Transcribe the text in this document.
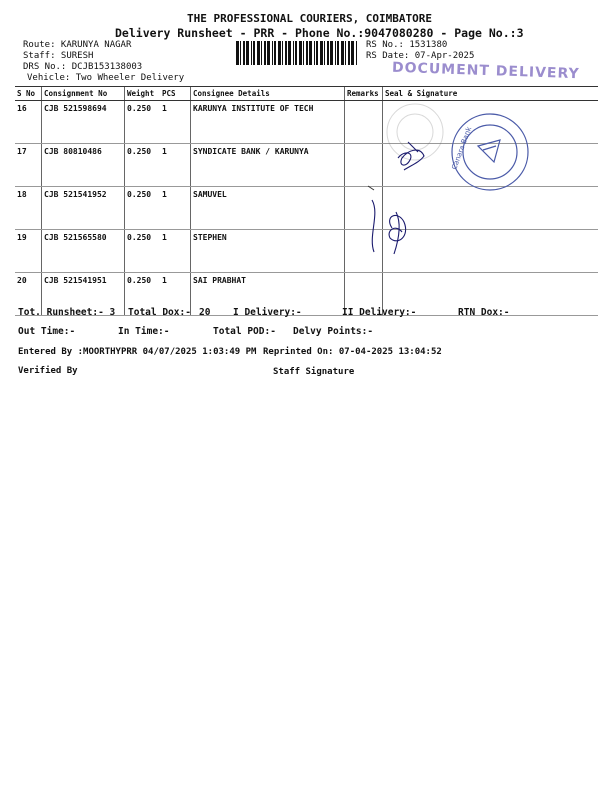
THE PROFESSIONAL COURIERS, COIMBATORE
Delivery Runsheet - PRR - Phone No.:9047080280 - Page No.:3
Route: KARUNYA NAGAR
Staff: SURESH
DRS No.: DCJB153138003
Vehicle: Two Wheeler Delivery
RS No.: 1531380
RS Date: 07-Apr-2025
DOCUMENT DELIVERY
S No	Consignment No	Weight	PCS	Consignee Details	Remarks	Seal & Signature
16	CJB 521598694	0.250	1	KARUNYA INSTITUTE OF TECH		
17	CJB 80810486	0.250	1	SYNDICATE BANK / KARUNYA		
18	CJB 521541952	0.250	1	SAMUVEL		
19	CJB 521565580	0.250	1	STEPHEN		
20	CJB 521541951	0.250	1	SAI PRABHAT		
Canara Bank
Tot. Runsheet:- 3 Total Dox:- 20 I Delivery:-	II Delivery:-	RTN Dox:-
Out Time:-	In Time:-	Total POD:- Delvy Points:-
Entered By :MOORTHYPRR 04/07/2025 1:03:49 PM Reprinted On: 07-04-2025 13:04:52
Verified By	Staff Signature
